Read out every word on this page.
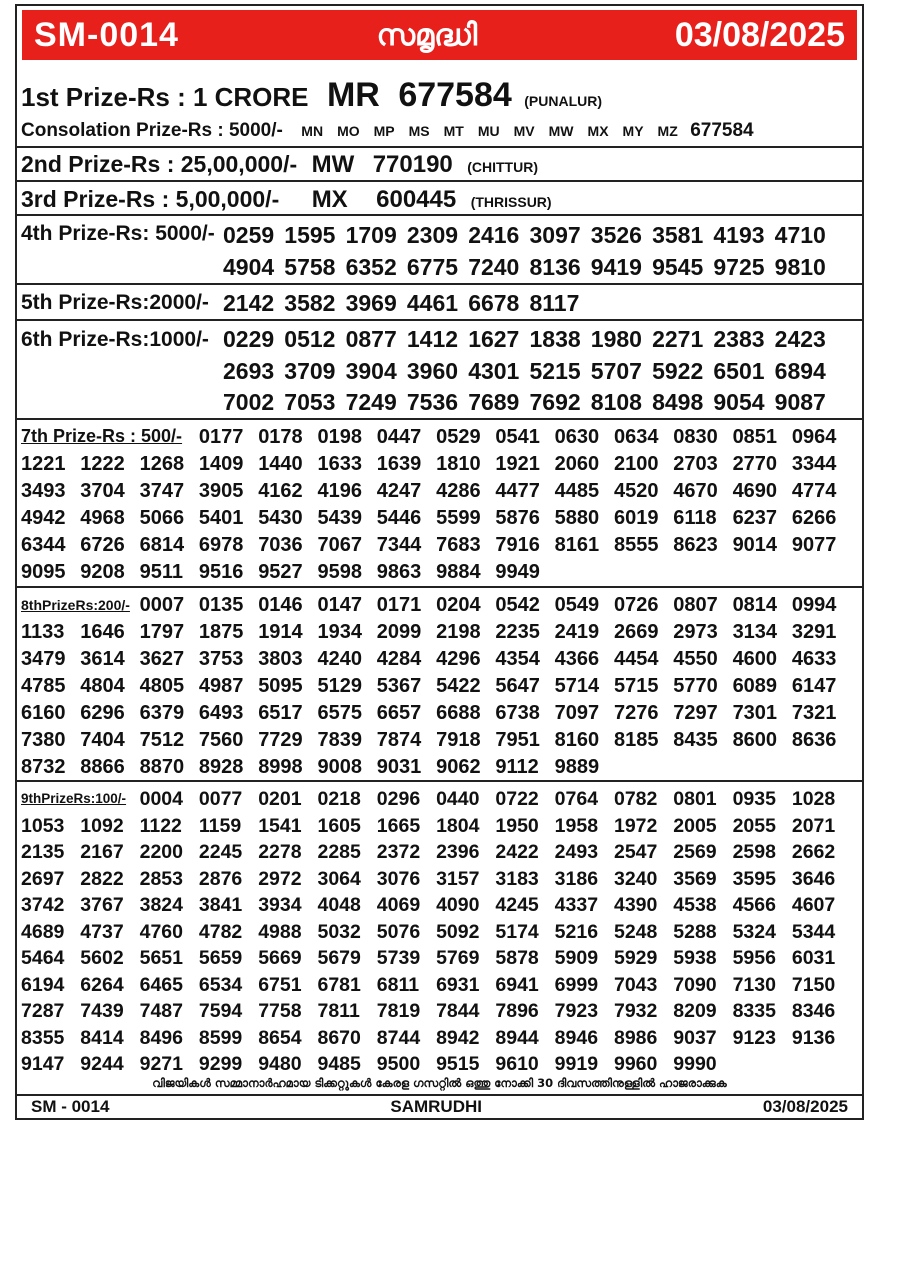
SM-0014	സമൃദ്ധി	03/08/2025
1st Prize-Rs : 1 CRORE MR 677584 (PUNALUR)
Consolation Prize-Rs : 5000/- MN MO MP MS MT MU MV MW MX MY MZ 677584
2nd Prize-Rs : 25,00,000/- MW 770190 (CHITTUR)
3rd Prize-Rs : 5,00,000/- MX 600445 (THRISSUR)
4th Prize-Rs: 5000/- 0259 1595 1709 2309 2416 3097 3526 3581 4193 4710
4904 5758 6352 6775 7240 8136 9419 9545 9725 9810
5th Prize-Rs:2000/- 2142 3582 3969 4461 6678 8117
6th Prize-Rs:1000/- 0229 0512 0877 1412 1627 1838 1980 2271 2383 2423
2693 3709 3904 3960 4301 5215 5707 5922 6501 6894
7002 7053 7249 7536 7689 7692 8108 8498 9054 9087
7th Prize-Rs : 500/- 0177 0178 0198 0447 0529 0541 0630 0634 0830 0851 0964
1221 1222 1268 1409 1440 1633 1639 1810 1921 2060 2100 2703 2770 3344
3493 3704 3747 3905 4162 4196 4247 4286 4477 4485 4520 4670 4690 4774
4942 4968 5066 5401 5430 5439 5446 5599 5876 5880 6019 6118 6237 6266
6344 6726 6814 6978 7036 7067 7344 7683 7916 8161 8555 8623 9014 9077
9095 9208 9511 9516 9527 9598 9863 9884 9949
8thPrizeRs:200/- 0007 0135 0146 0147 0171 0204 0542 0549 0726 0807 0814 0994
1133 1646 1797 1875 1914 1934 2099 2198 2235 2419 2669 2973 3134 3291
3479 3614 3627 3753 3803 4240 4284 4296 4354 4366 4454 4550 4600 4633
4785 4804 4805 4987 5095 5129 5367 5422 5647 5714 5715 5770 6089 6147
6160 6296 6379 6493 6517 6575 6657 6688 6738 7097 7276 7297 7301 7321
7380 7404 7512 7560 7729 7839 7874 7918 7951 8160 8185 8435 8600 8636
8732 8866 8870 8928 8998 9008 9031 9062 9112 9889
9thPrizeRs:100/- 0004 0077 0201 0218 0296 0440 0722 0764 0782 0801 0935 1028
1053 1092 1122 1159 1541 1605 1665 1804 1950 1958 1972 2005 2055 2071
2135 2167 2200 2245 2278 2285 2372 2396 2422 2493 2547 2569 2598 2662
2697 2822 2853 2876 2972 3064 3076 3157 3183 3186 3240 3569 3595 3646
3742 3767 3824 3841 3934 4048 4069 4090 4245 4337 4390 4538 4566 4607
4689 4737 4760 4782 4988 5032 5076 5092 5174 5216 5248 5288 5324 5344
5464 5602 5651 5659 5669 5679 5739 5769 5878 5909 5929 5938 5956 6031
6194 6264 6465 6534 6751 6781 6811 6931 6941 6999 7043 7090 7130 7150
7287 7439 7487 7594 7758 7811 7819 7844 7896 7923 7932 8209 8335 8346
8355 8414 8496 8599 8654 8670 8744 8942 8944 8946 8986 9037 9123 9136
9147 9244 9271 9299 9480 9485 9500 9515 9610 9919 9960 9990
വിജയികൾ സമ്മാനാർഹമായ ടിക്കറ്റുകൾ കേരള ഗസറ്റിൽ ഒത്തു നോക്കി 30 ദിവസത്തിനുള്ളിൽ ഹാജരാക്കുക
SM - 0014	SAMRUDHI	03/08/2025
